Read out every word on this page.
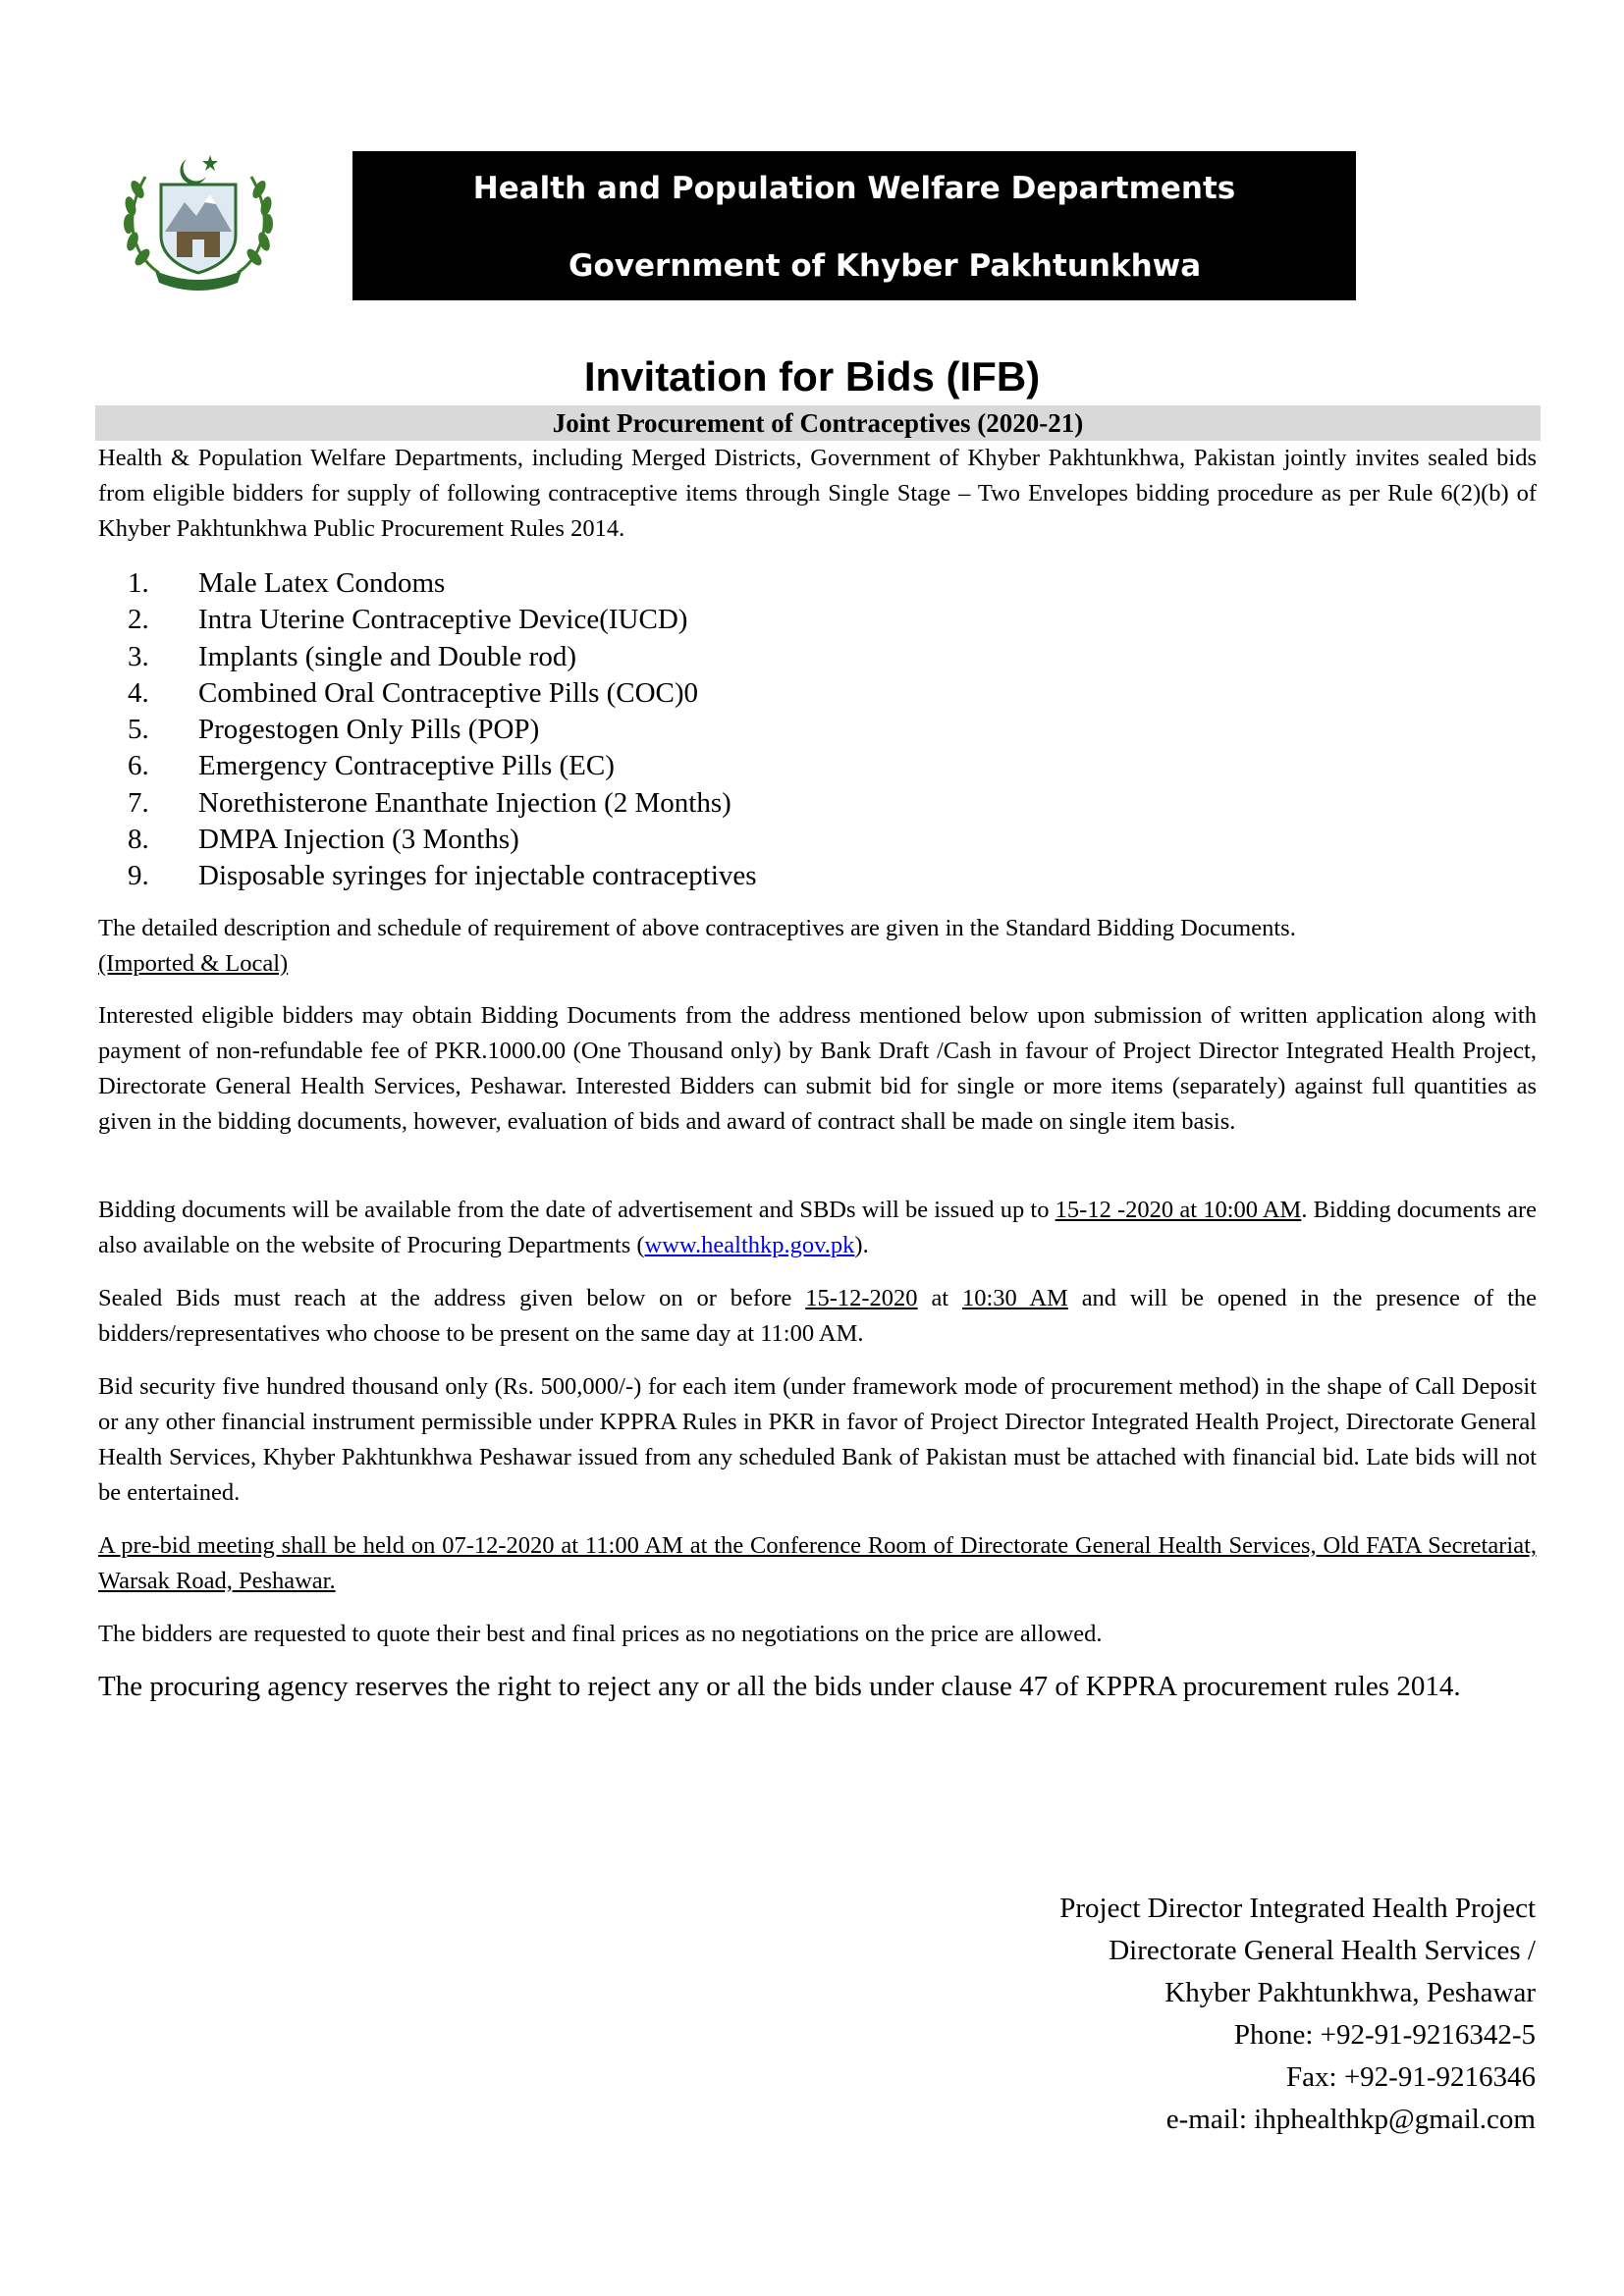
Health and Population Welfare Departments
Government of Khyber Pakhtunkhwa
Invitation for Bids (IFB)
Joint Procurement of Contraceptives (2020-21)

Health & Population Welfare Departments, including Merged Districts, Government of Khyber Pakhtunkhwa, Pakistan jointly invites sealed bids from eligible bidders for supply of following contraceptive items through Single Stage – Two Envelopes bidding procedure as per Rule 6(2)(b) of Khyber Pakhtunkhwa Public Procurement Rules 2014.

1. Male Latex Condoms
2. Intra Uterine Contraceptive Device(IUCD)
3. Implants (single and Double rod)
4. Combined Oral Contraceptive Pills (COC)0
5. Progestogen Only Pills (POP)
6. Emergency Contraceptive Pills (EC)
7. Norethisterone Enanthate Injection (2 Months)
8. DMPA Injection (3 Months)
9. Disposable syringes for injectable contraceptives

The detailed description and schedule of requirement of above contraceptives are given in the Standard Bidding Documents.
(Imported & Local)

Interested eligible bidders may obtain Bidding Documents from the address mentioned below upon submission of written application along with payment of non-refundable fee of PKR.1000.00 (One Thousand only) by Bank Draft /Cash in favour of Project Director Integrated Health Project, Directorate General Health Services, Peshawar. Interested Bidders can submit bid for single or more items (separately) against full quantities as given in the bidding documents, however, evaluation of bids and award of contract shall be made on single item basis.

Bidding documents will be available from the date of advertisement and SBDs will be issued up to 15-12 -2020 at 10:00 AM. Bidding documents are also available on the website of Procuring Departments (www.healthkp.gov.pk).

Sealed Bids must reach at the address given below on or before 15-12-2020 at 10:30 AM and will be opened in the presence of the bidders/representatives who choose to be present on the same day at 11:00 AM.

Bid security five hundred thousand only (Rs. 500,000/-) for each item (under framework mode of procurement method) in the shape of Call Deposit or any other financial instrument permissible under KPPRA Rules in PKR in favor of Project Director Integrated Health Project, Directorate General Health Services, Khyber Pakhtunkhwa Peshawar issued from any scheduled Bank of Pakistan must be attached with financial bid. Late bids will not be entertained.

A pre-bid meeting shall be held on 07-12-2020 at 11:00 AM at the Conference Room of Directorate General Health Services, Old FATA Secretariat, Warsak Road, Peshawar.

The bidders are requested to quote their best and final prices as no negotiations on the price are allowed.

The procuring agency reserves the right to reject any or all the bids under clause 47 of KPPRA procurement rules 2014.

Project Director Integrated Health Project
Directorate General Health Services /
Khyber Pakhtunkhwa, Peshawar
Phone: +92-91-9216342-5
Fax: +92-91-9216346
e-mail: ihphealthkp@gmail.com
